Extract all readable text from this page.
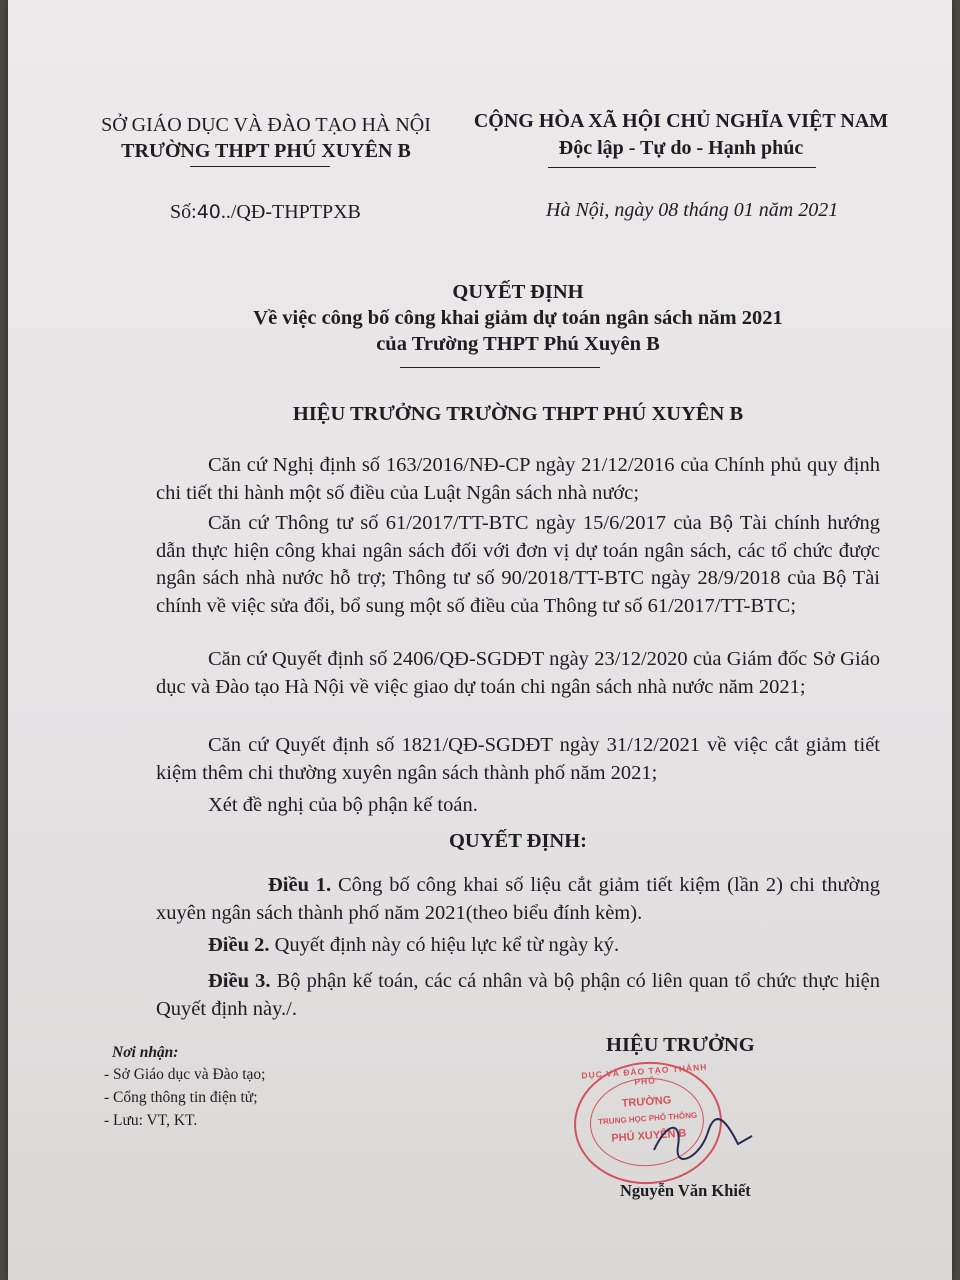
SỞ GIÁO DỤC VÀ ĐÀO TẠO HÀ NỘI
TRƯỜNG THPT PHÚ XUYÊN B
CỘNG HÒA XÃ HỘI CHỦ NGHĨA VIỆT NAM
Độc lập - Tự do - Hạnh phúc
Số:40../QĐ-THPTPXB	Hà Nội, ngày 08 tháng 01 năm 2021
QUYẾT ĐỊNH
Về việc công bố công khai giảm dự toán ngân sách năm 2021
của Trường THPT Phú Xuyên B
HIỆU TRƯỞNG TRƯỜNG THPT PHÚ XUYÊN B
Căn cứ Nghị định số 163/2016/NĐ-CP ngày 21/12/2016 của Chính phủ quy định chi tiết thi hành một số điều của Luật Ngân sách nhà nước;
Căn cứ Thông tư số 61/2017/TT-BTC ngày 15/6/2017 của Bộ Tài chính hướng dẫn thực hiện công khai ngân sách đối với đơn vị dự toán ngân sách, các tổ chức được ngân sách nhà nước hỗ trợ; Thông tư số 90/2018/TT-BTC ngày 28/9/2018 của Bộ Tài chính về việc sửa đổi, bổ sung một số điều của Thông tư số 61/2017/TT-BTC;
Căn cứ Quyết định số 2406/QĐ-SGDĐT ngày 23/12/2020 của Giám đốc Sở Giáo dục và Đào tạo Hà Nội về việc giao dự toán chi ngân sách nhà nước năm 2021;
Căn cứ Quyết định số 1821/QĐ-SGDĐT ngày 31/12/2021 về việc cắt giảm tiết kiệm thêm chi thường xuyên ngân sách thành phố năm 2021;
Xét đề nghị của bộ phận kế toán.
QUYẾT ĐỊNH:
Điều 1. Công bố công khai số liệu cắt giảm tiết kiệm (lần 2) chi thường xuyên ngân sách thành phố năm 2021(theo biểu đính kèm).
Điều 2. Quyết định này có hiệu lực kể từ ngày ký.
Điều 3. Bộ phận kế toán, các cá nhân và bộ phận có liên quan tổ chức thực hiện Quyết định này./.
Nơi nhận:
- Sở Giáo dục và Đào tạo;
- Cổng thông tin điện tử;
- Lưu: VT, KT.
HIỆU TRƯỞNG
DỤC VÀ ĐÀO TẠO THÀNH PHỐ
TRƯỜNG
TRUNG HỌC PHỔ THÔNG
PHÚ XUYÊN B
Nguyễn Văn Khiết
